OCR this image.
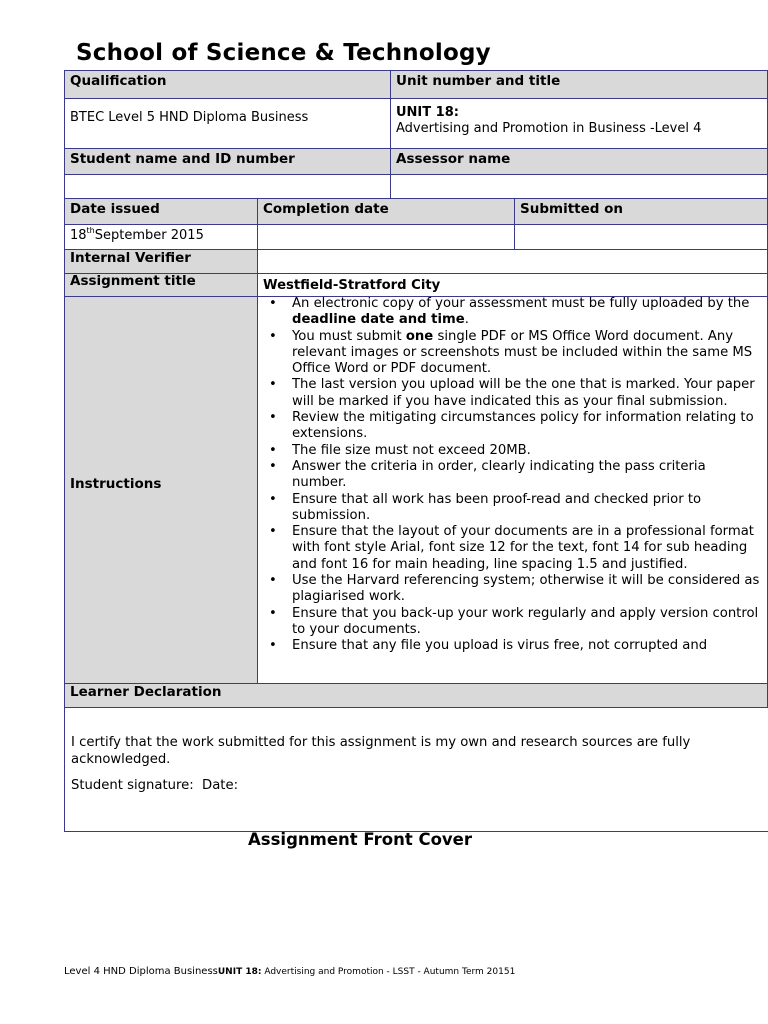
School of Science & Technology
Qualification	Unit number and title
BTEC Level 5 HND Diploma Business	UNIT 18:
Advertising and Promotion in Business -Level 4
Student name and ID number	Assessor name
Date issued	Completion date	Submitted on
18thSeptember 2015
Internal Verifier
Assignment title	Westfield-Stratford City
Instructions
• An electronic copy of your assessment must be fully uploaded by the deadline date and time.
• You must submit one single PDF or MS Office Word document. Any relevant images or screenshots must be included within the same MS Office Word or PDF document.
• The last version you upload will be the one that is marked. Your paper will be marked if you have indicated this as your final submission.
• Review the mitigating circumstances policy for information relating to extensions.
• The file size must not exceed 20MB.
• Answer the criteria in order, clearly indicating the pass criteria number.
• Ensure that all work has been proof-read and checked prior to submission.
• Ensure that the layout of your documents are in a professional format with font style Arial, font size 12 for the text, font 14 for sub heading and font 16 for main heading, line spacing 1.5 and justified.
• Use the Harvard referencing system; otherwise it will be considered as plagiarised work.
• Ensure that you back-up your work regularly and apply version control to your documents.
• Ensure that any file you upload is virus free, not corrupted and
Learner Declaration
I certify that the work submitted for this assignment is my own and research sources are fully acknowledged.
Student signature:  Date:
Assignment Front Cover
Level 4 HND Diploma BusinessUNIT 18: Advertising and Promotion - LSST - Autumn Term 20151
